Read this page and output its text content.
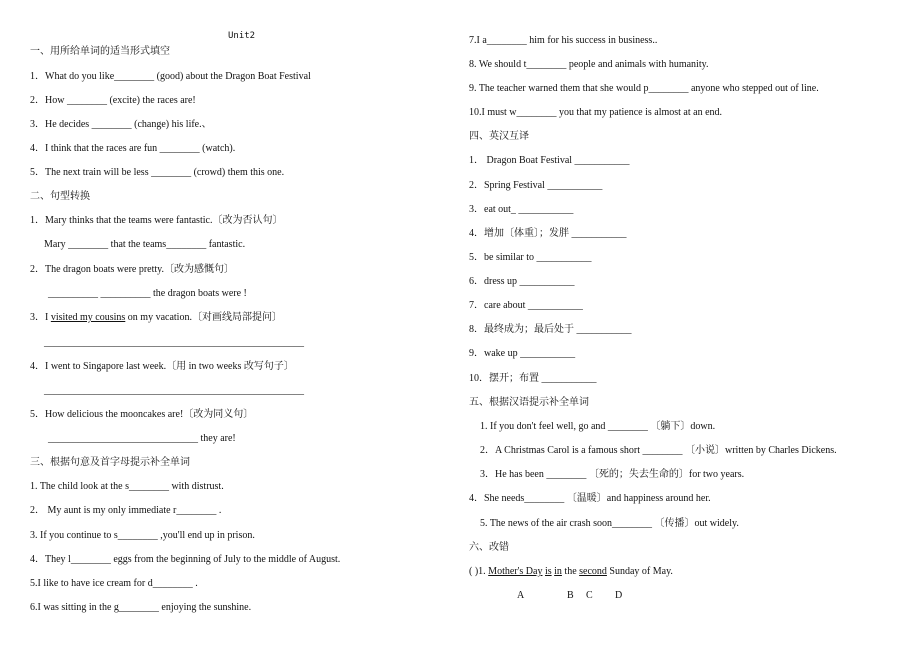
Unit2
一、用所给单词的适当形式填空
1．What do you like________ (good) about the Dragon Boat Festival
2．How ________ (excite) the races are!
3．He decides ________ (change) his life.、
4．I think that the races are fun ________ (watch).
5．The next train will be less ________ (crowd) them this one.
二、句型转换
1．Mary thinks that the teams were fantastic.〔改为否认句〕
Mary ________ that the teams________ fantastic.
2．The dragon boats were pretty.〔改为感慨句〕
__________ __________ the dragon boats were !
3．I visited my cousins on my vacation.〔对画线局部提问〕
____________________________________________________
4．I went to Singapore last week.〔用 in two weeks 改写句子〕
____________________________________________________
5．How delicious the mooncakes are!〔改为同义句〕
______________________________ they are!
三、根据句意及首字母提示补全单词
1. The child look at the s________ with distrust.
2． My aunt is my only immediate r________ .
3. If you continue to s________ ,you'll end up in prison.
4．They l________ eggs from the beginning of July to the middle of August.
5.I like to have ice cream for d________ .
6.I was sitting in the g________ enjoying the sunshine.
7.I a________ him for his success in business..
8. We should t________ people and animals with humanity.
9. The teacher warned them that she would p________ anyone who stepped out of line.
10.I must w________ you that my patience is almost at an end.
四、英汉互译
1． Dragon Boat Festival ___________
2．Spring Festival ___________
3．eat out_ ___________
4．增加〔体重〕；发胖 ___________
5．be similar to ___________
6．dress up ___________
7．care about ___________
8．最终成为；最后处于 ___________
9．wake up ___________
10．摆开；布置 ___________
五、根据汉语提示补全单词
1. If you don't feel well, go and ________ 〔躺下〕down.
2．A Christmas Carol is a famous short ________ 〔小说〕written by Charles Dickens.
3．He has been ________ 〔死的；失去生命的〕for two years.
4．She needs________ 〔温暖〕and happiness around her.
5. The news of the air crash soon________ 〔传播〕out widely.
六、改错
( )1. Mother's Day is in the second Sunday of May.
A	B C D
